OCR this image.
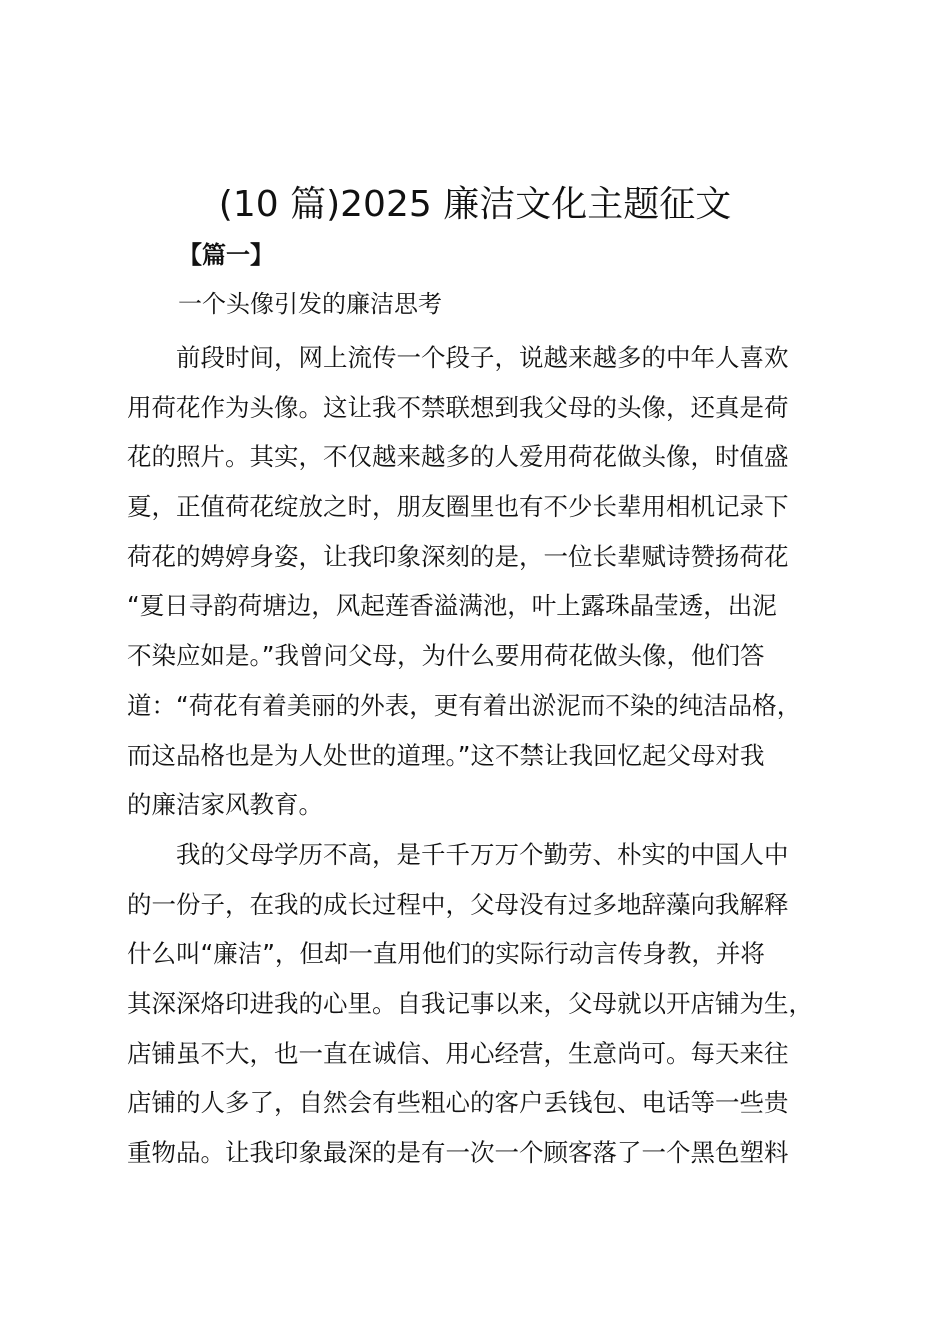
(10 篇)2025 廉洁文化主题征文
【篇一】
一个头像引发的廉洁思考
　　前段时间，网上流传一个段子，说越来越多的中年人喜欢
用荷花作为头像。这让我不禁联想到我父母的头像，还真是荷
花的照片。其实，不仅越来越多的人爱用荷花做头像，时值盛
夏，正值荷花绽放之时，朋友圈里也有不少长辈用相机记录下
荷花的娉婷身姿，让我印象深刻的是，一位长辈赋诗赞扬荷花
“夏日寻韵荷塘边，风起莲香溢满池，叶上露珠晶莹透，出泥
不染应如是。”我曾问父母，为什么要用荷花做头像，他们答
道：“荷花有着美丽的外表，更有着出淤泥而不染的纯洁品格，
而这品格也是为人处世的道理。”这不禁让我回忆起父母对我
的廉洁家风教育。
　　我的父母学历不高，是千千万万个勤劳、朴实的中国人中
的一份子，在我的成长过程中，父母没有过多地辞藻向我解释
什么叫“廉洁”，但却一直用他们的实际行动言传身教，并将
其深深烙印进我的心里。自我记事以来，父母就以开店铺为生，
店铺虽不大，也一直在诚信、用心经营，生意尚可。每天来往
店铺的人多了，自然会有些粗心的客户丢钱包、电话等一些贵
重物品。让我印象最深的是有一次一个顾客落了一个黑色塑料
